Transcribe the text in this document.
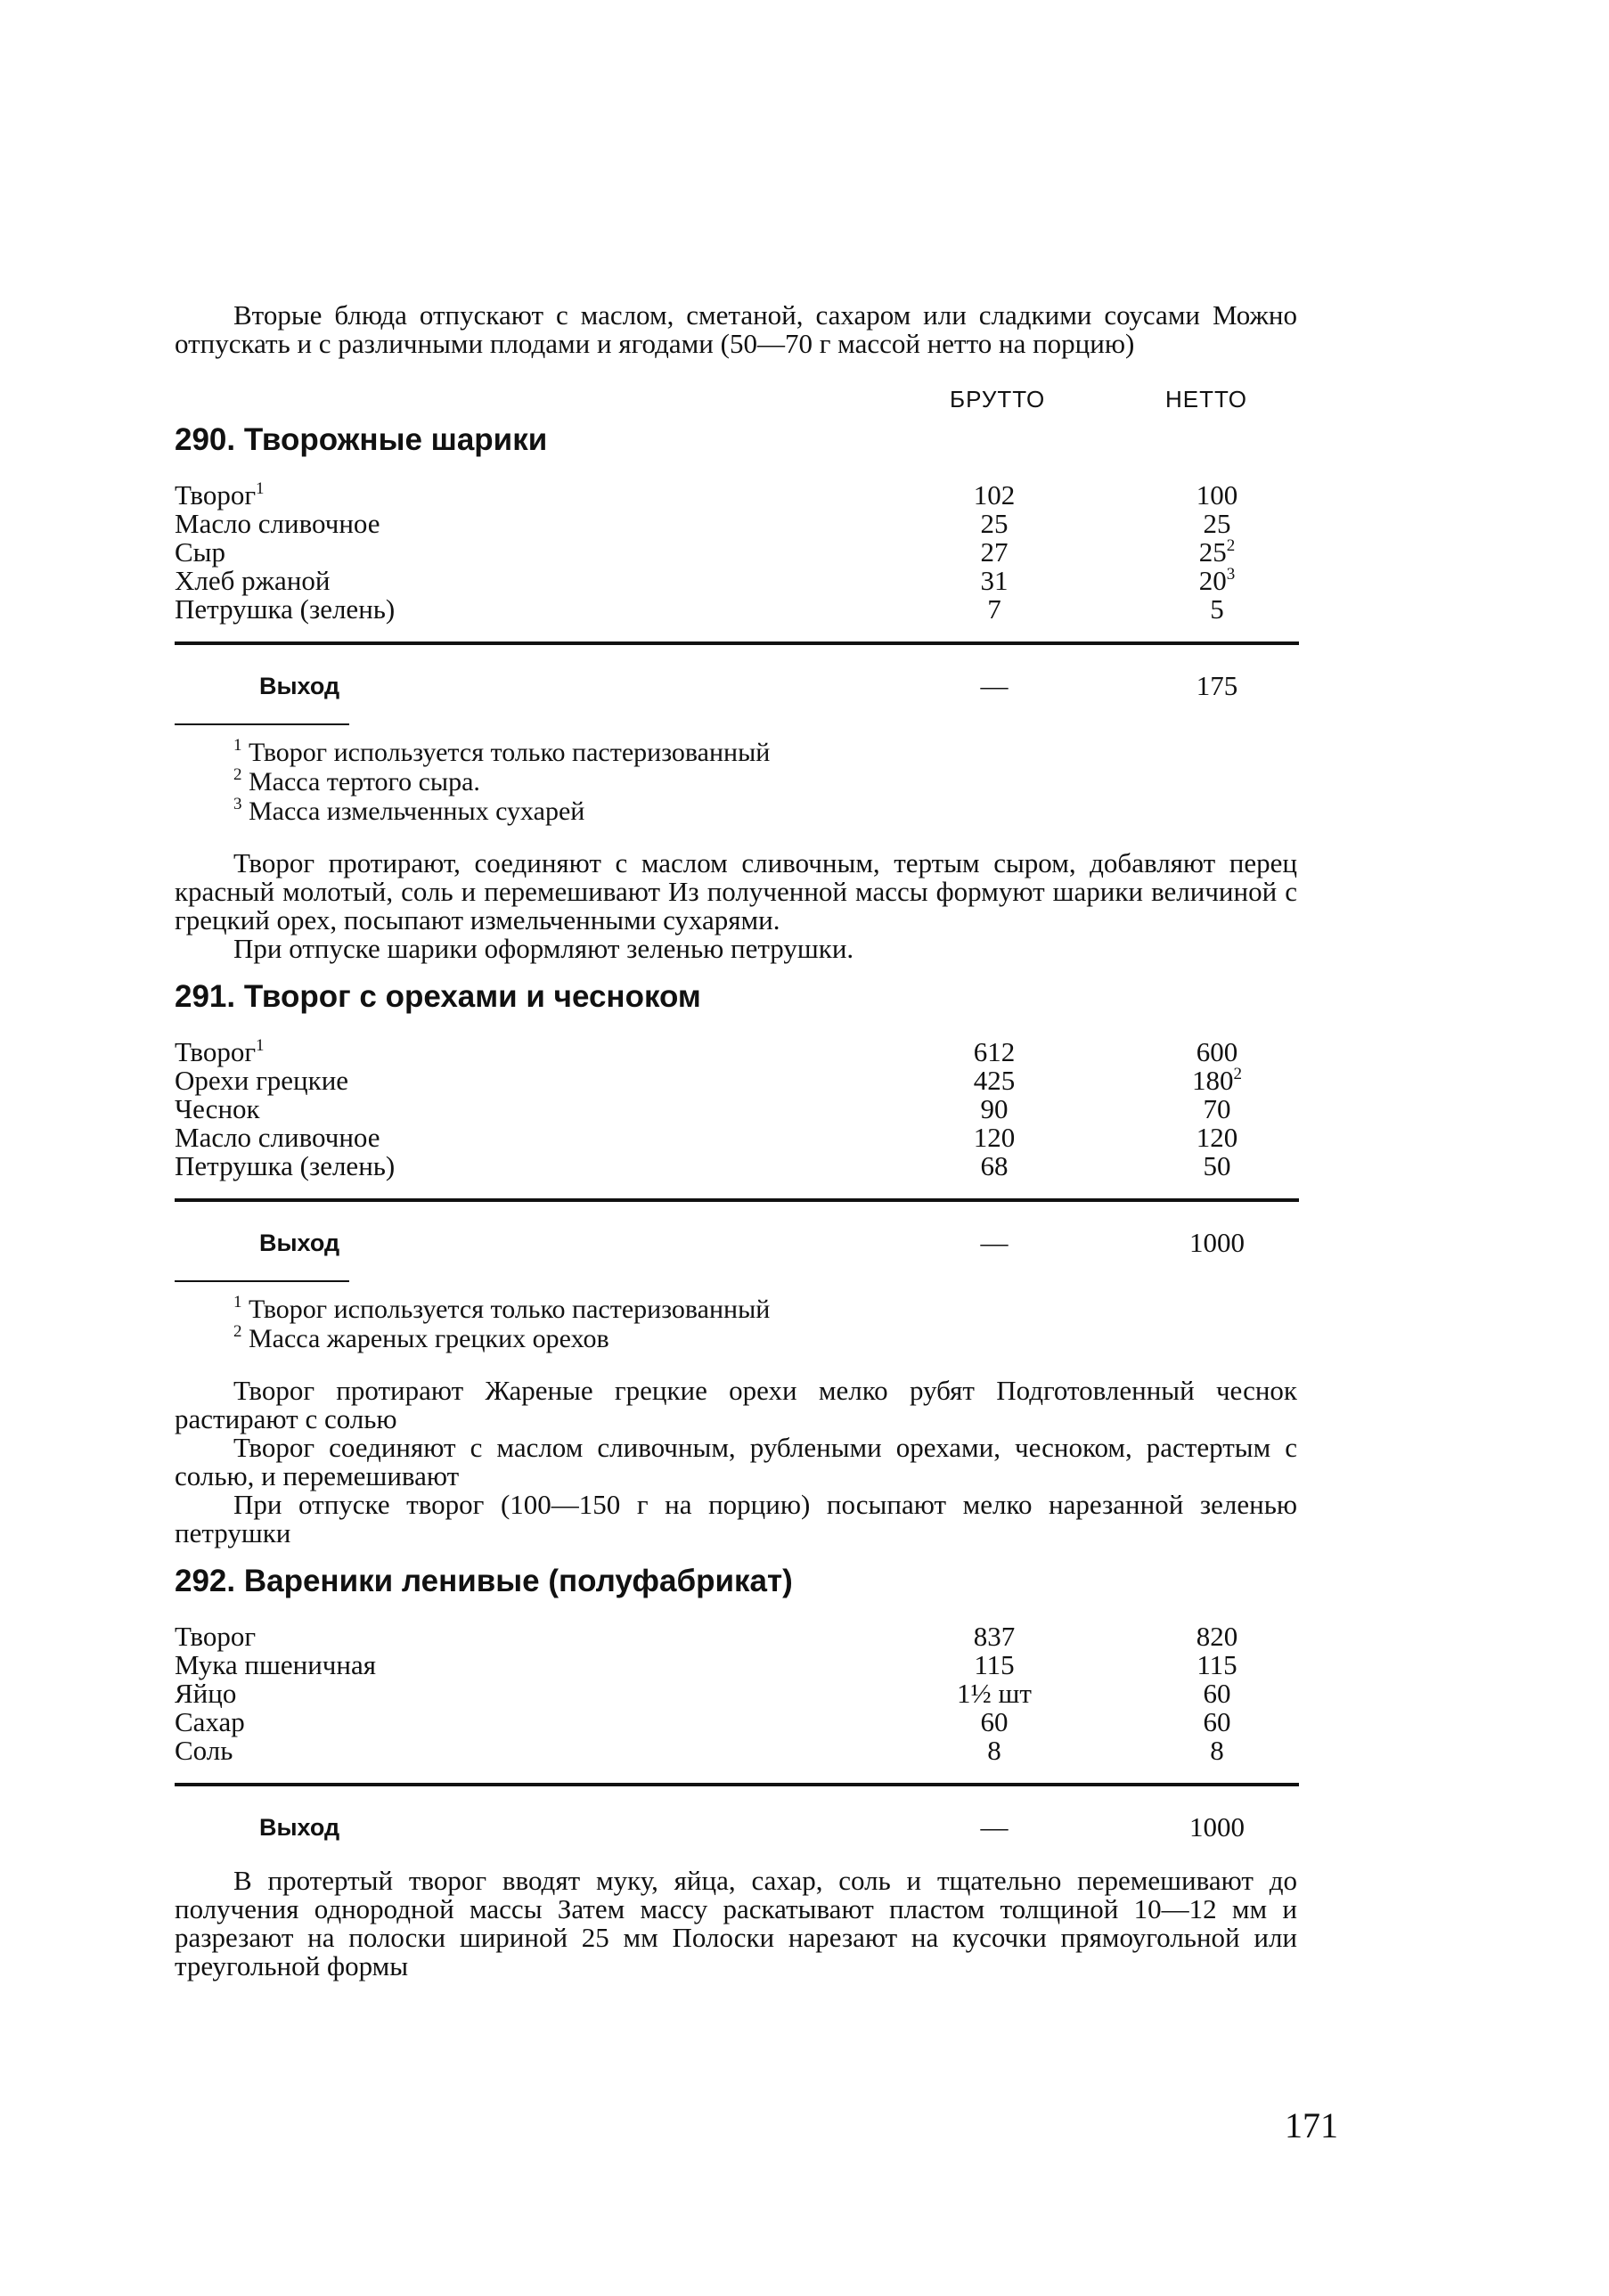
Вторые блюда отпускают с маслом, сметаной, сахаром или сладкими соусами Можно отпускать и с различными плодами и ягодами (50—70 г массой нетто на порцию)

БРУТТО	НЕТТО
290. Творожные шарики
Творог$^1$	102	100
Масло сливочное	25	25
Сыр	27	$25^2$
Хлеб ржаной	31	$20^3$
Петрушка (зелень)	7	5
Выход	—	175
$^1$ Творог используется только пастеризованный
$^2$ Масса тертого сыра.
$^3$ Масса измельченных сухарей

Творог протирают, соединяют с маслом сливочным, тертым сыром, добавляют перец красный молотый, соль и перемешивают Из полученной массы формуют шарики величиной с грецкий орех, посыпают измельченными сухарями.

При отпуске шарики оформляют зеленью петрушки.

291. Творог с орехами и чесноком
Творог$^1$	612	600
Орехи грецкие	425	$180^2$
Чеснок	90	70
Масло сливочное	120	120
Петрушка (зелень)	68	50
Выход	—	1000
$^1$ Творог используется только пастеризованный
$^2$ Масса жареных грецких орехов

Творог протирают Жареные грецкие орехи мелко рубят Подготовленный чеснок растирают с солью

Творог соединяют с маслом сливочным, рублеными орехами, чесноком, растертым с солью, и перемешивают

При отпуске творог (100—150 г на порцию) посыпают мелко нарезанной зеленью петрушки

292. Вареники ленивые (полуфабрикат)
Творог	837	820
Мука пшеничная	115	115
Яйцо	1½ шт	60
Сахар	60	60
Соль	8	8
Выход	—	1000

В протертый творог вводят муку, яйца, сахар, соль и тщательно перемешивают до получения однородной массы Затем массу раскатывают пластом толщиной 10—12 мм и разрезают на полоски шириной 25 мм Полоски нарезают на кусочки прямоугольной или треугольной формы

171
